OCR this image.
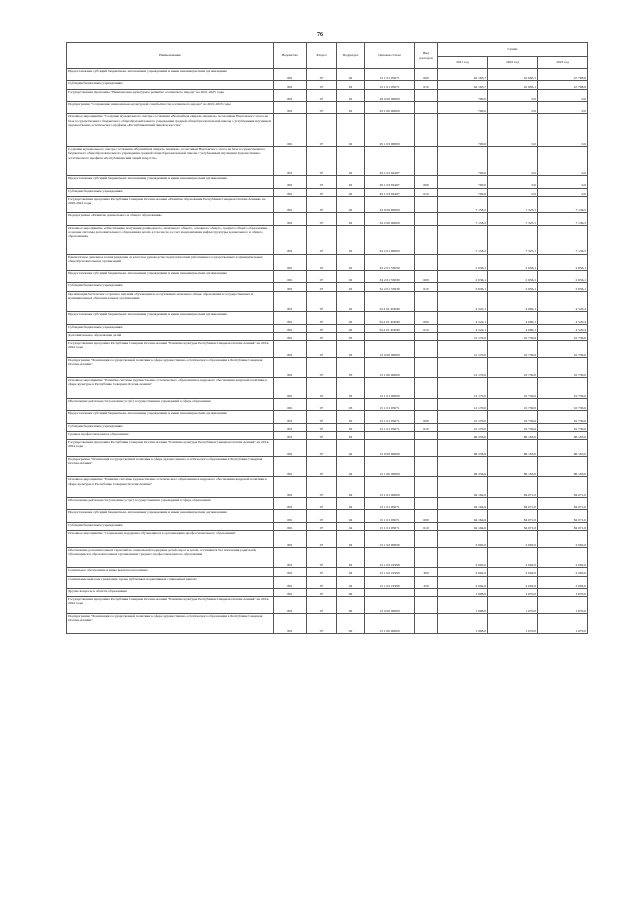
76
Наименование	Ведомство	Раздел	Подраздел	Целевая статья	Вид расходов	Сумма		
						2021 год	2022 год	2023 год
Предоставление субсидий бюджетным, автономным учреждениям и иным некоммерческим организациям	801	07	02	15 1 01 05071	600	62 163,7	45 685,1	47 788,8
Субсидии бюджетным учреждениям	801	07	02	15 1 01 05071	610	62 163,7	45 685,1	47 788,8
Государственная программа "Национально-культурное развитие осетинского народа" на 2021-2025 годы	801	07	02	29 0 00 00000		700,0	0,0	0,0
Подпрограмма "Сохранение национально-культурной самобытности осетинского народа" на 2021-2025 годы	801	07	02	29 1 00 00000		700,0	0,0	0,0
Основное мероприятие "Создание музыкального смотра-состязания «Волшебная свирель Ацамаза» по мотивам Нартовского эпоса на базе государственного бюджетного общеобразовательного учреждения средней общеобразовательной школы с углубленным изучением художественно-эстетического профиля «Республиканский лицей искусств»"	801	07	02	29 1 03 00000		700,0	0,0	0,0
Создание музыкального смотра-состязания «Волшебная свирель Ацамаза» по мотивам Нартовского эпоса на базе государственного бюджетного общеобразовательного учреждения средней общеобразовательной школы с углубленным изучением художественно-эстетического профиля «Республиканский лицей искусств»	801	07	02	29 1 03 02497		700,0	0,0	0,0
Предоставление субсидий бюджетным, автономным учреждениям и иным некоммерческим организациям	801	07	02	29 1 03 02497	600	700,0	0,0	0,0
Субсидии бюджетным учреждениям	801	07	02	29 1 03 02497	610	700,0	0,0	0,0
Государственная программа Республики Северная Осетия-Алания «Развитие образования Республики Северная Осетия-Алания» на 2020-2024 годы	801	07	02	34 0 00 00000		7 158,2	7 325,1	7 136,5
Подпрограмма «Развитие дошкольного и общего образования»	801	07	02	34 2 00 00000		7 158,2	7 325,1	7 136,5
Основное мероприятие «Обеспечение получения дошкольного, начального общего, основного общего, среднего общего образования, создание системы дополнительного образования детей, в том числе за счет модернизации инфраструктуры дошкольного и общего образования»	801	07	02	34 2 01 00000		7 158,2	7 325,1	7 136,5
Ежемесячное денежное вознаграждение за классное руководство педагогическим работникам государственных и муниципальных общеобразовательных организаций	801	07	02	34 2 01 53030		2 636,1	2 656,1	2 656,1
Предоставление субсидий бюджетным, автономным учреждениям и иным некоммерческим организациям	801	07	02	34 2 01 53030	600	2 636,1	2 656,1	2 656,1
Субсидии бюджетным учреждениям	801	07	02	34 2 01 53030	610	2 636,1	2 656,1	2 656,1
Организация бесплатного горячего питания обучающихся, получающих начальное общее образование в государственных и муниципальных образовательных организациях	801	07	02	34 2 01 R3040		4 522,1	4 669,1	4 520,4
Предоставление субсидий бюджетным, автономным учреждениям и иным некоммерческим организациям	801	07	02	34 2 01 R3040	600	4 522,1	4 669,1	4 520,4
Субсидии бюджетным учреждениям	801	07	02	34 2 01 R3040	610	4 522,1	4 669,1	4 520,4
Дополнительное образование детей	801	07	03			12 170,0	10 730,0	10 730,0
Государственная программа Республики Северная Осетия-Алания "Развитие культуры Республики Северная Осетия-Алания" на 2014-2024 годы	801	07	03	15 0 00 00000		12 170,0	10 730,0	10 730,0
Подпрограмма "Реализация государственной политики в сфере художественно-эстетического образования в Республике Северная Осетия-Алания"	801	07	03	15 1 00 00000		12 170,0	10 730,0	10 730,0
Основное мероприятие "Развитие системы художественно-эстетического образования и кадрового обеспечения кадровой политики в сфере культуры в Республике Северная Осетия-Алания"	801	07	03	15 1 01 00000		12 170,0	10 730,0	10 730,0
Обеспечение деятельности (оказание услуг) государственных учреждений в сфере образования	801	07	03	15 1 01 05071		12 170,0	10 730,0	10 730,0
Предоставление субсидий бюджетным, автономным учреждениям и иным некоммерческим организациям	801	07	03	15 1 01 05071	600	12 170,0	10 730,0	10 730,0
Субсидии бюджетным учреждениям	801	07	03	15 1 01 05071	610	12 170,0	10 730,0	10 730,0
Среднее профессиональное образование	801	07	04			96 256,6	86 163,0	86 163,0
Государственная программа Республики Северная Осетия-Алания "Развитие культуры Республики Северная Осетия-Алания" на 2014-2024 годы	801	07	04	15 0 00 00000		96 256,6	86 163,0	86 163,0
Подпрограмма "Реализация государственной политики в сфере художественно-эстетического образования в Республике Северная Осетия-Алания"	801	07	04	15 1 00 00000		96 256,6	86 163,0	86 163,0
Основное мероприятие "Развитие системы художественно-эстетического образования и кадрового обеспечения кадровой политики в сфере культуры в Республике Северная Осетия-Алания"	801	07	04	15 1 01 00000		94 164,6	84 071,0	84 071,0
Обеспечение деятельности (оказание услуг) государственных учреждений в сфере образования	801	07	04	15 1 01 05071		94 164,6	84 071,0	84 071,0
Предоставление субсидий бюджетным, автономным учреждениям и иным некоммерческим организациям	801	07	04	15 1 01 05071	600	94 164,6	84 071,0	84 071,0
Субсидии бюджетным учреждениям	801	07	04	15 1 01 05071	610	94 164,6	84 071,0	84 071,0
Основное мероприятие "Социальная поддержка обучающихся в организациях профессионального образования"	801	07	04	15 1 02 00000		2 092,0	2 092,0	2 092,0
Обеспечение дополнительных гарантий по социальной поддержке детей-сирот и детей, оставшихся без попечения родителей, обучающихся в образовательных организациях среднего профессионального образования	801	07	04	15 1 02 21990		2 092,0	2 092,0	2 092,0
Социальное обеспечение и иные выплаты населению	801	07	04	15 1 02 21990	300	2 092,0	2 092,0	2 092,0
Социальные выплаты гражданам, кроме публичных нормативных социальных выплат	801	07	04	15 1 02 21990	320	2 092,0	2 092,0	2 092,0
Другие вопросы в области образования	801	07	09			1 998,0	1 670,0	1 670,0
Государственная программа Республики Северная Осетия-Алания "Развитие культуры Республики Северная Осетия-Алания" на 2014-2024 годы	801	07	09	15 0 00 00000		1 998,0	1 670,0	1 670,0
Подпрограмма "Реализация государственной политики в сфере художественно-эстетического образования в Республике Северная Осетия-Алания"	801	07	09	15 1 00 00000		1 998,0	1 670,0	1 670,0
